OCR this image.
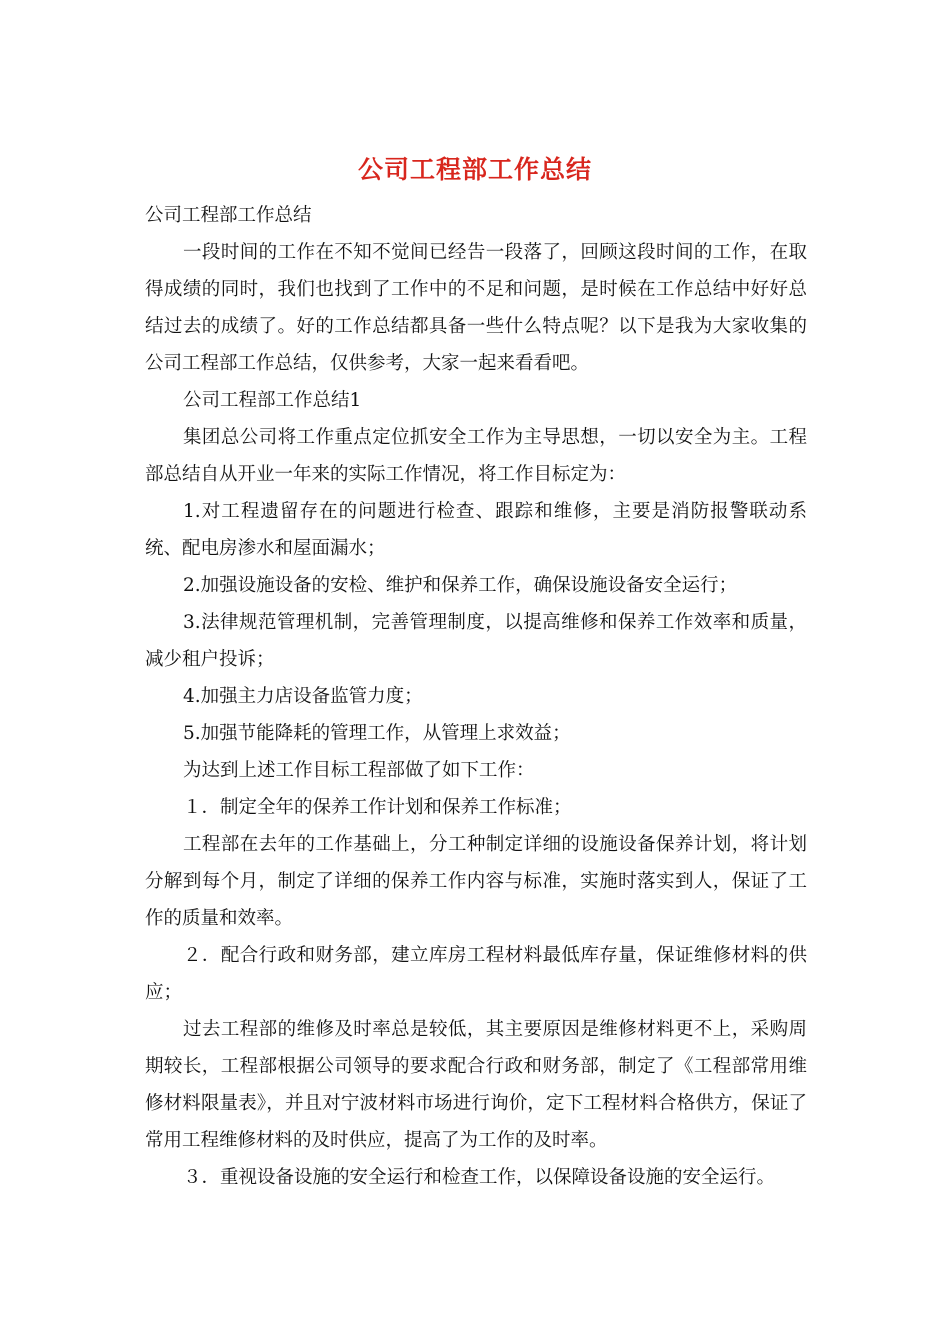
公司工程部工作总结

公司工程部工作总结

一段时间的工作在不知不觉间已经告一段落了，回顾这段时间的工作，在取得成绩的同时，我们也找到了工作中的不足和问题，是时候在工作总结中好好总结过去的成绩了。好的工作总结都具备一些什么特点呢？以下是我为大家收集的公司工程部工作总结，仅供参考，大家一起来看看吧。

公司工程部工作总结1

集团总公司将工作重点定位抓安全工作为主导思想，一切以安全为主。工程部总结自从开业一年来的实际工作情况，将工作目标定为：

1.对工程遗留存在的问题进行检查、跟踪和维修，主要是消防报警联动系统、配电房渗水和屋面漏水；

2.加强设施设备的安检、维护和保养工作，确保设施设备安全运行；

3.法律规范管理机制，完善管理制度，以提高维修和保养工作效率和质量，减少租户投诉；

4.加强主力店设备监管力度；

5.加强节能降耗的管理工作，从管理上求效益；

为达到上述工作目标工程部做了如下工作：

１．制定全年的保养工作计划和保养工作标准；

工程部在去年的工作基础上，分工种制定详细的设施设备保养计划，将计划分解到每个月，制定了详细的保养工作内容与标准，实施时落实到人，保证了工作的质量和效率。

２．配合行政和财务部，建立库房工程材料最低库存量，保证维修材料的供应；

过去工程部的维修及时率总是较低，其主要原因是维修材料更不上，采购周期较长，工程部根据公司领导的要求配合行政和财务部，制定了《工程部常用维修材料限量表》，并且对宁波材料市场进行询价，定下工程材料合格供方，保证了常用工程维修材料的及时供应，提高了为工作的及时率。

３．重视设备设施的安全运行和检查工作，以保障设备设施的安全运行。
